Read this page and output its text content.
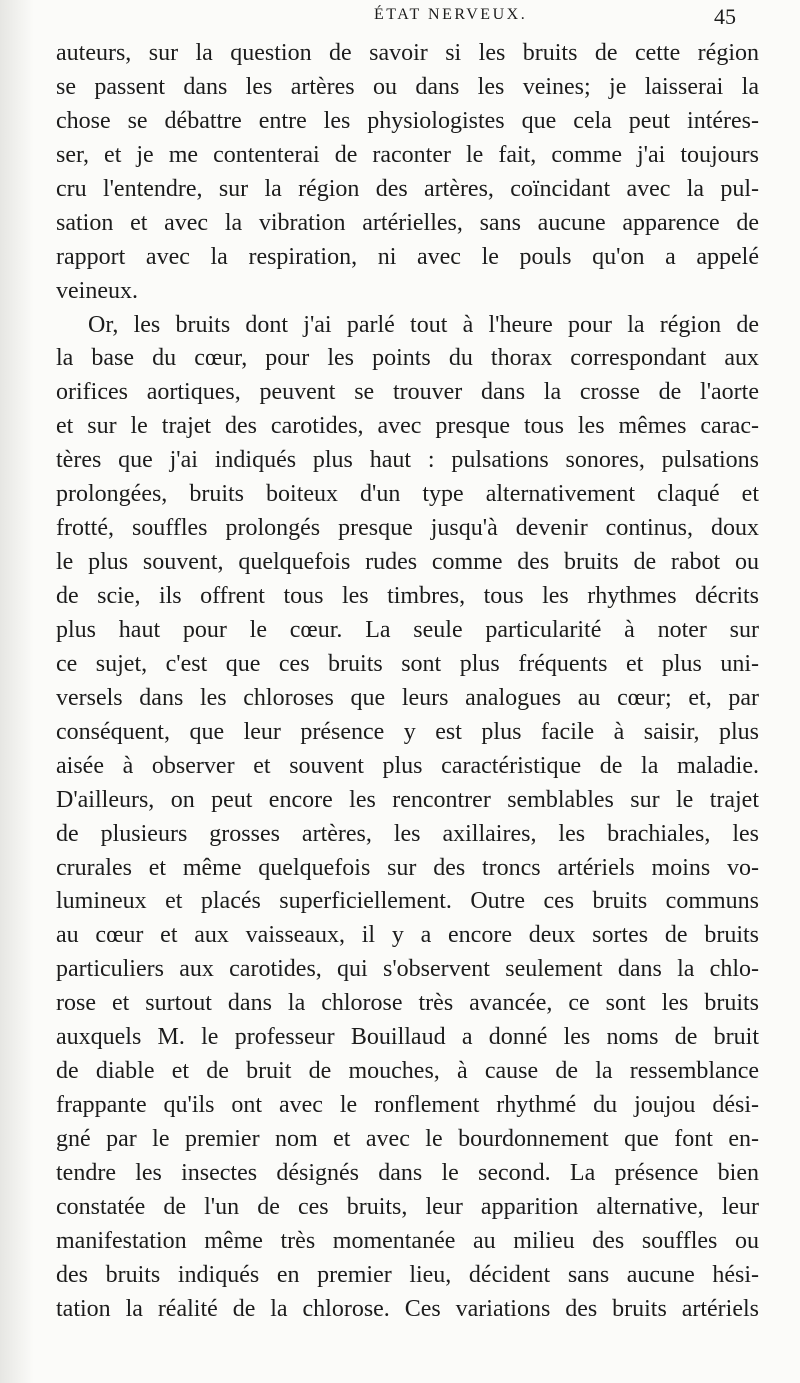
ÉTAT NERVEUX.	45
auteurs, sur la question de savoir si les bruits de cette région
se passent dans les artères ou dans les veines; je laisserai la
chose se débattre entre les physiologistes que cela peut intéres-
ser, et je me contenterai de raconter le fait, comme j'ai toujours
cru l'entendre, sur la région des artères, coïncidant avec la pul-
sation et avec la vibration artérielles, sans aucune apparence de
rapport avec la respiration, ni avec le pouls qu'on a appelé
veineux.
Or, les bruits dont j'ai parlé tout à l'heure pour la région de
la base du cœur, pour les points du thorax correspondant aux
orifices aortiques, peuvent se trouver dans la crosse de l'aorte
et sur le trajet des carotides, avec presque tous les mêmes carac-
tères que j'ai indiqués plus haut : pulsations sonores, pulsations
prolongées, bruits boiteux d'un type alternativement claqué et
frotté, souffles prolongés presque jusqu'à devenir continus, doux
le plus souvent, quelquefois rudes comme des bruits de rabot ou
de scie, ils offrent tous les timbres, tous les rhythmes décrits
plus haut pour le cœur. La seule particularité à noter sur
ce sujet, c'est que ces bruits sont plus fréquents et plus uni-
versels dans les chloroses que leurs analogues au cœur; et, par
conséquent, que leur présence y est plus facile à saisir, plus
aisée à observer et souvent plus caractéristique de la maladie.
D'ailleurs, on peut encore les rencontrer semblables sur le trajet
de plusieurs grosses artères, les axillaires, les brachiales, les
crurales et même quelquefois sur des troncs artériels moins vo-
lumineux et placés superficiellement. Outre ces bruits communs
au cœur et aux vaisseaux, il y a encore deux sortes de bruits
particuliers aux carotides, qui s'observent seulement dans la chlo-
rose et surtout dans la chlorose très avancée, ce sont les bruits
auxquels M. le professeur Bouillaud a donné les noms de bruit
de diable et de bruit de mouches, à cause de la ressemblance
frappante qu'ils ont avec le ronflement rhythmé du joujou dési-
gné par le premier nom et avec le bourdonnement que font en-
tendre les insectes désignés dans le second. La présence bien
constatée de l'un de ces bruits, leur apparition alternative, leur
manifestation même très momentanée au milieu des souffles ou
des bruits indiqués en premier lieu, décident sans aucune hési-
tation la réalité de la chlorose. Ces variations des bruits artériels
